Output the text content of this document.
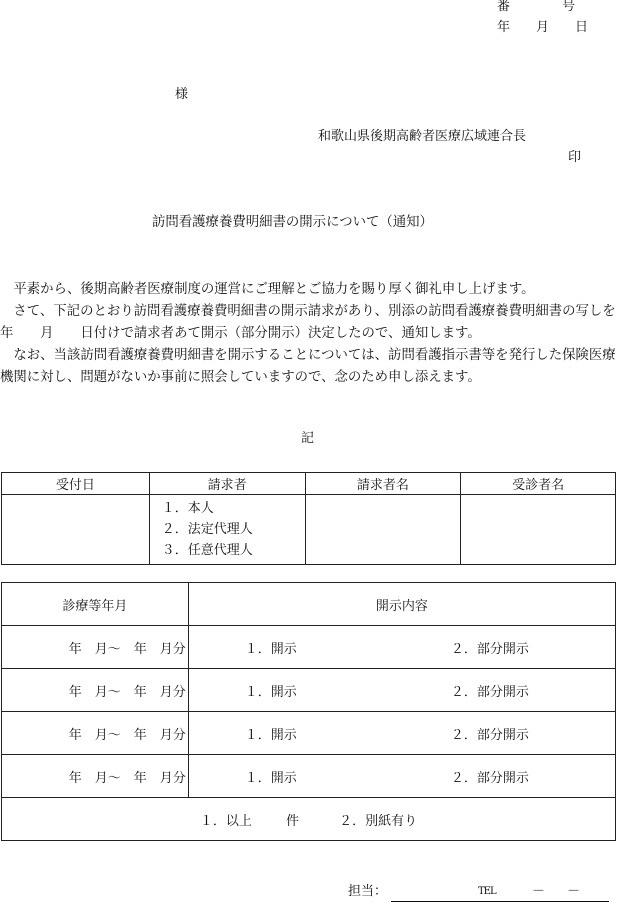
番　　　　号
年　　月　　日
様
和歌山県後期高齢者医療広域連合長
印
訪問看護療養費明細書の開示について（通知）

平素から、後期高齢者医療制度の運営にご理解とご協力を賜り厚く御礼申し上げます。

さて、下記のとおり訪問看護療養費明細書の開示請求があり、別添の訪問看護療養費明細書の写しを　　　　年　　月　　日付けで請求者あて開示（部分開示）決定したので、通知します。

なお、当該訪問看護療養費明細書を開示することについては、訪問看護指示書等を発行した保険医療機関に対し、問題がないか事前に照会していますので、念のため申し添えます。

記
受付日	請求者	請求者名	受診者名

	１．本人
２．法定代理人
３．任意代理人		

診療等年月	開示内容
年　月～　年　月分	１．開示 ２．部分開示
年　月～　年　月分	１．開示 ２．部分開示
年　月～　年　月分	１．開示 ２．部分開示
年　月～　年　月分	１．開示 ２．部分開示
１．以上 件 ２．別紙有り	
担当：	TEL	－ －
